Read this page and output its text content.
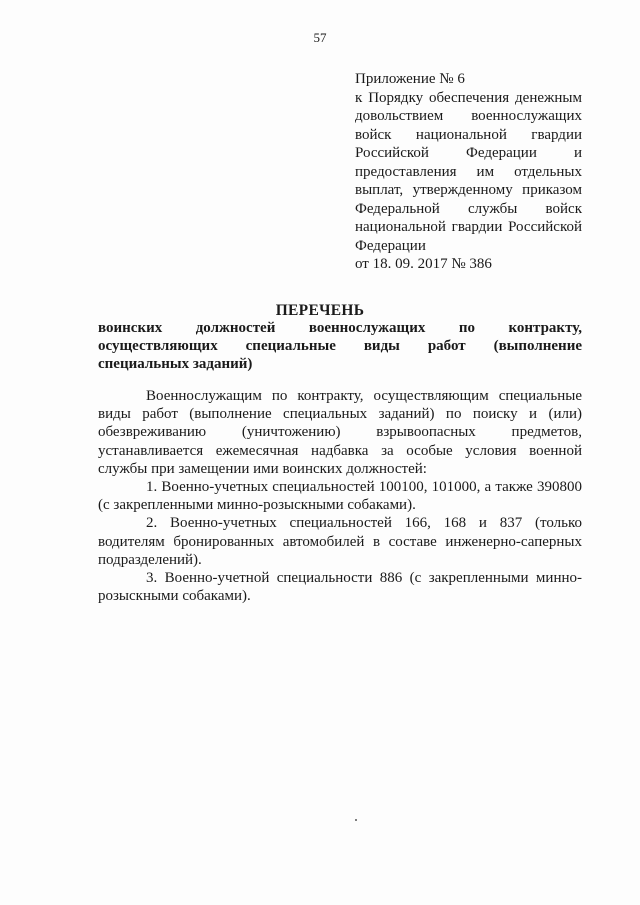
57
Приложение № 6
к Порядку обеспечения денежным
довольствием военнослужащих
войск национальной гвардии
Российской Федерации и
предоставления им отдельных
выплат, утвержденному приказом
Федеральной службы войск
национальной гвардии Российской
Федерации
от 18. 09. 2017 № 386
ПЕРЕЧЕНЬ
воинских должностей военнослужащих по контракту,
осуществляющих специальные виды работ (выполнение
специальных заданий)
Военнослужащим по контракту, осуществляющим специальные
виды работ (выполнение специальных заданий) по поиску и (или)
обезвреживанию (уничтожению) взрывоопасных предметов,
устанавливается ежемесячная надбавка за особые условия военной
службы при замещении ими воинских должностей:
1. Военно-учетных специальностей 100100, 101000, а также 390800
(с закрепленными минно-розыскными собаками).
2. Военно-учетных специальностей 166, 168 и 837 (только
водителям бронированных автомобилей в составе инженерно-саперных
подразделений).
3. Военно-учетной специальности 886 (с закрепленными минно-
розыскными собаками).
